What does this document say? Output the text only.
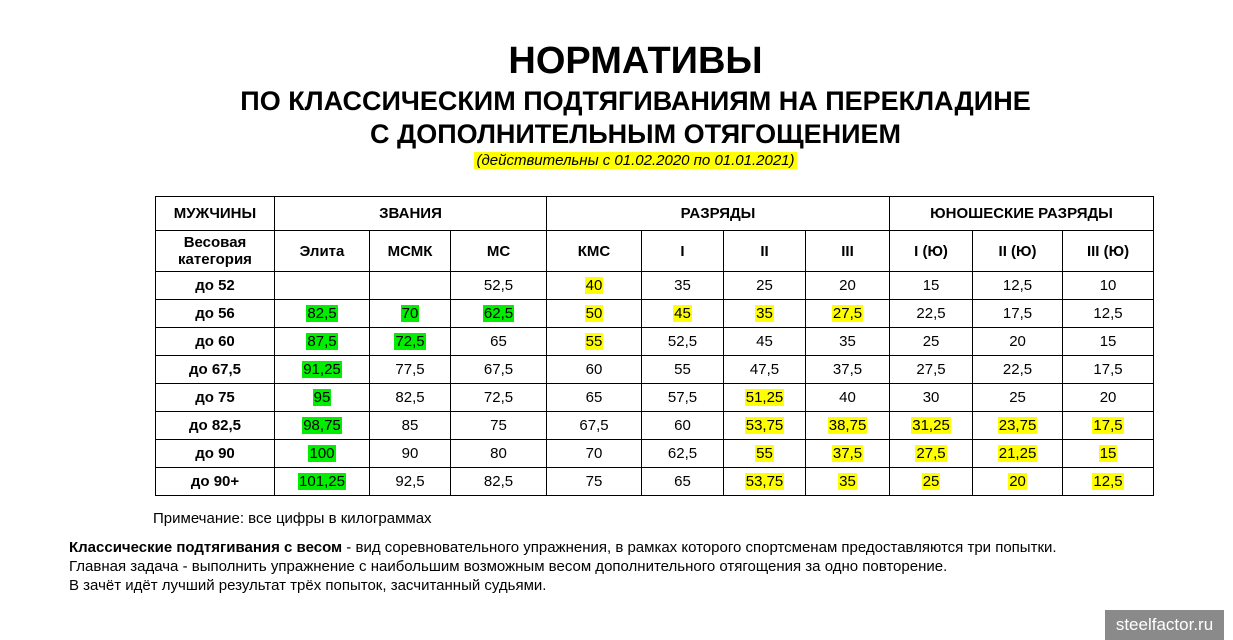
НОРМАТИВЫ
ПО КЛАССИЧЕСКИМ ПОДТЯГИВАНИЯМ НА ПЕРЕКЛАДИНЕ
С ДОПОЛНИТЕЛЬНЫМ ОТЯГОЩЕНИЕМ
(действительны с 01.02.2020 по 01.01.2021)
МУЖЧИНЫ	ЗВАНИЯ			РАЗРЯДЫ				ЮНОШЕСКИЕ РАЗРЯДЫ		

Весовая
категория	Элита	МСМК	МС	КМС	I	II	III	I (Ю)	II (Ю)	III (Ю)
до 52			52,5	40	35	25	20	15	12,5	10
до 56	82,5	70	62,5	50	45	35	27,5	22,5	17,5	12,5
до 60	87,5	72,5	65	55	52,5	45	35	25	20	15
до 67,5	91,25	77,5	67,5	60	55	47,5	37,5	27,5	22,5	17,5
до 75	95	82,5	72,5	65	57,5	51,25	40	30	25	20
до 82,5	98,75	85	75	67,5	60	53,75	38,75	31,25	23,75	17,5
до 90	100	90	80	70	62,5	55	37,5	27,5	21,25	15
до 90+	101,25	92,5	82,5	75	65	53,75	35	25	20	12,5
Примечание: все цифры в килограммах
Классические подтягивания с весом - вид соревновательного упражнения, в рамках которого спортсменам предоставляются три попытки.
Главная задача - выполнить упражнение с наибольшим возможным весом дополнительного отягощения за одно повторение.
В зачёт идёт лучший результат трёх попыток, засчитанный судьями.
steelfactor.ru
